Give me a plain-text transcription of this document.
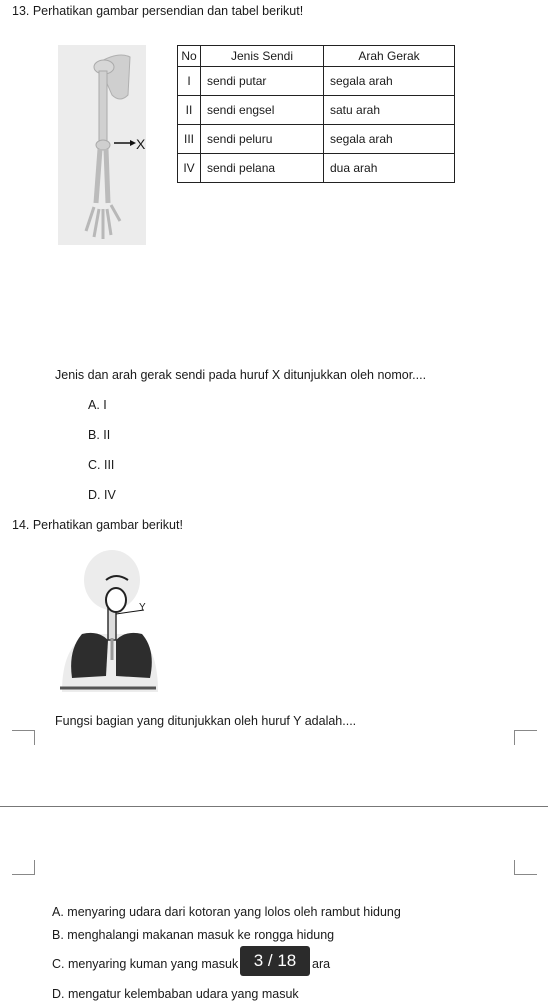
13. Perhatikan gambar persendian dan tabel berikut!
X
No	Jenis Sendi	Arah Gerak
I	sendi putar	segala arah
II	sendi engsel	satu arah
III	sendi peluru	segala arah
IV	sendi pelana	dua arah
Jenis dan arah gerak sendi pada huruf X ditunjukkan oleh nomor....
A. I
B. II
C. III
D. IV
14. Perhatikan gambar berikut!
Y
Fungsi bagian yang ditunjukkan oleh huruf Y adalah....
A. menyaring udara dari kotoran yang lolos oleh rambut hidung
B. menghalangi makanan masuk ke rongga hidung
C. menyaring kuman yang masuk	ara
D. mengatur kelembaban udara yang masuk
3 / 18
